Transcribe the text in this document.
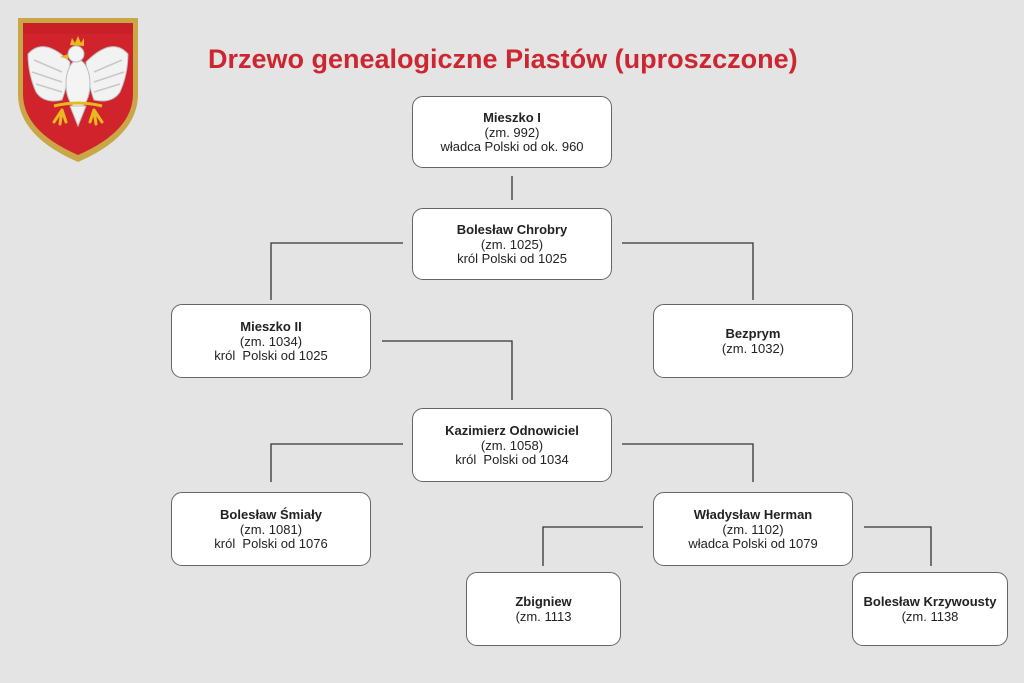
Drzewo genealogiczne Piastów (uproszczone)
Mieszko I
(zm. 992)
władca Polski od ok. 960
Bolesław Chrobry
(zm. 1025)
król Polski od 1025
Mieszko II
(zm. 1034)
król  Polski od 1025
Bezprym
(zm. 1032)
Kazimierz Odnowiciel
(zm. 1058)
król  Polski od 1034
Bolesław Śmiały
(zm. 1081)
król  Polski od 1076
Władysław Herman
(zm. 1102)
władca Polski od 1079
Zbigniew
(zm. 1113
Bolesław Krzywousty
(zm. 1138
